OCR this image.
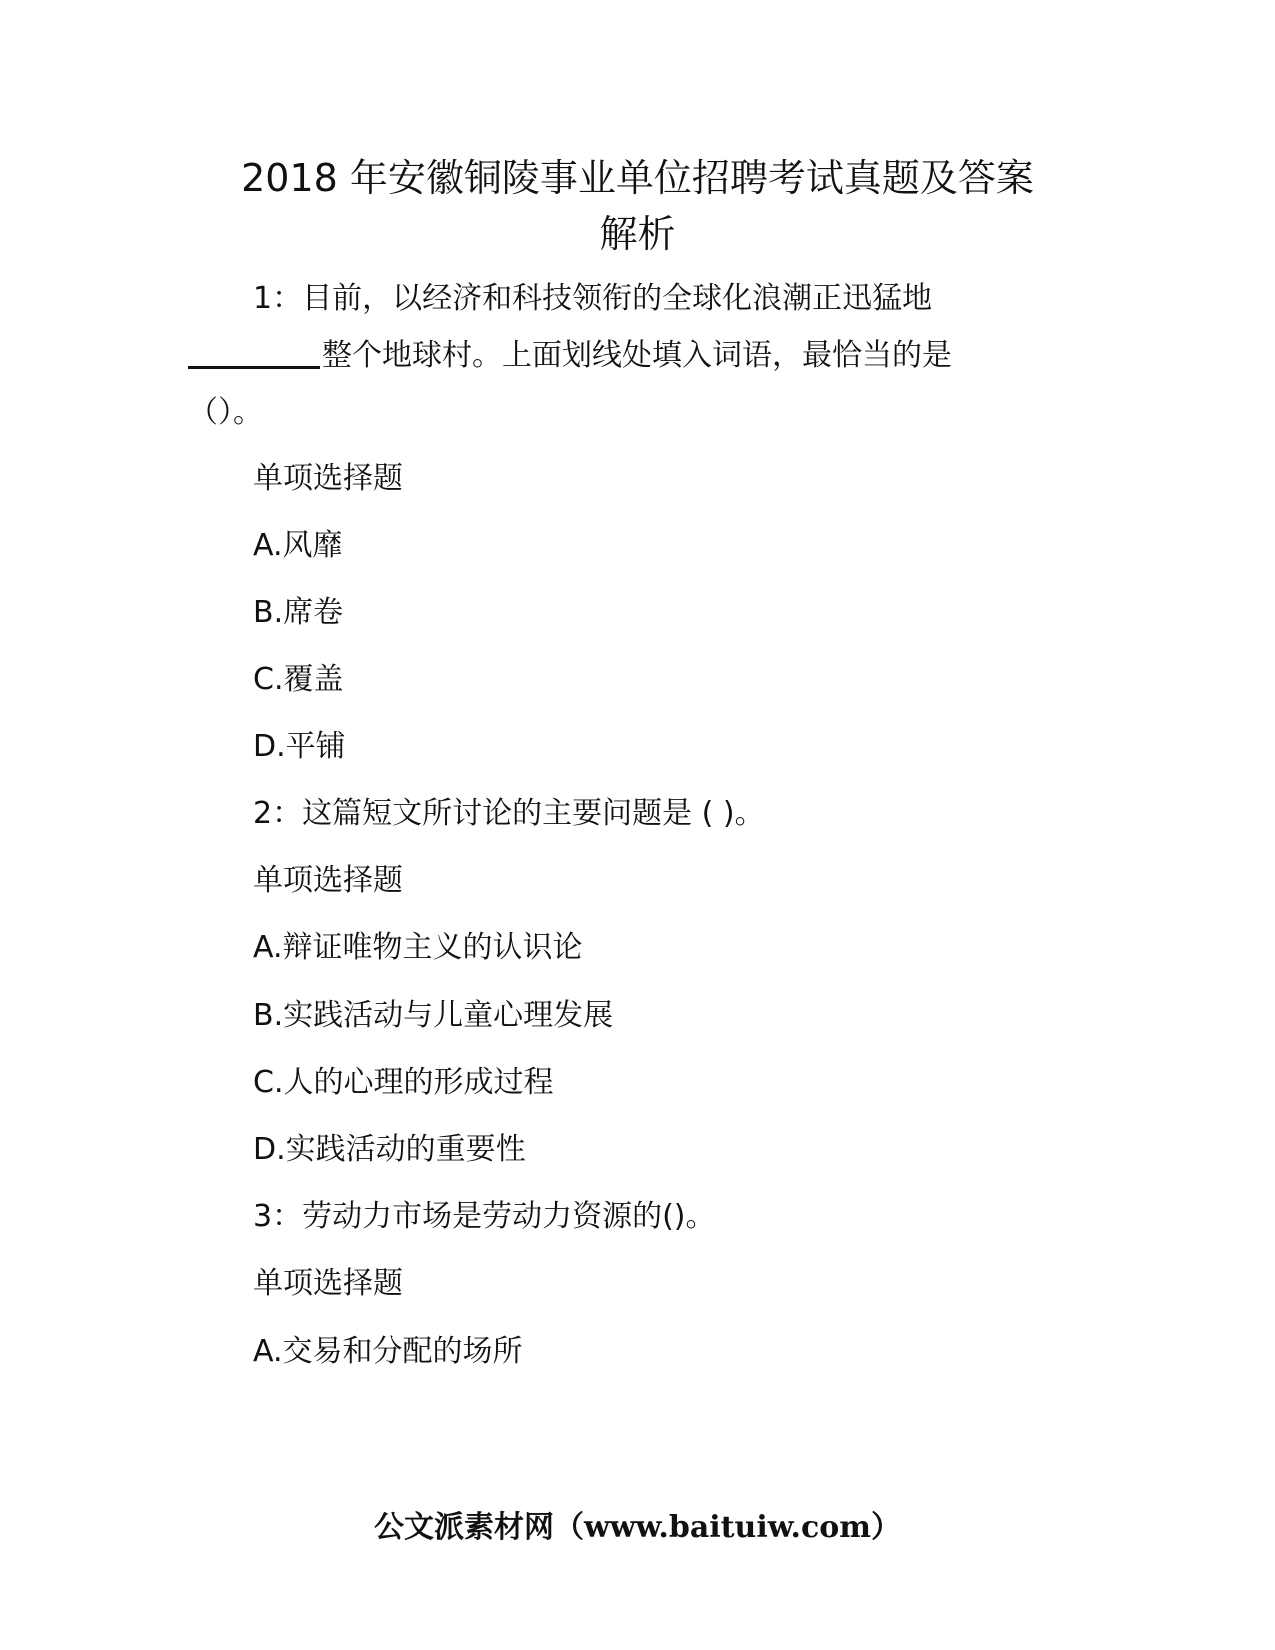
2018 年安徽铜陵事业单位招聘考试真题及答案
解析
1：目前，以经济和科技领衔的全球化浪潮正迅猛地
整个地球村。上面划线处填入词语，最恰当的是
（）。
单项选择题
A.风靡
B.席卷
C.覆盖
D.平铺
2：这篇短文所讨论的主要问题是 ( )。
单项选择题
A.辩证唯物主义的认识论
B.实践活动与儿童心理发展
C.人的心理的形成过程
D.实践活动的重要性
3：劳动力市场是劳动力资源的()。
单项选择题
A.交易和分配的场所
公文派素材网（www.baituiw.com）
